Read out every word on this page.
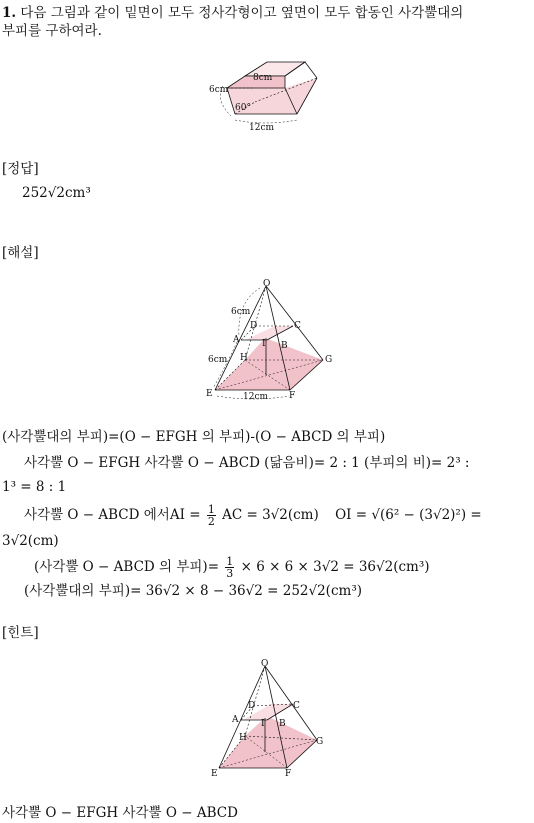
1. 다음 그림과 같이 밑면이 모두 정사각형이고 옆면이 모두 합동인 사각뿔대의
부피를 구하여라.
8cm
6cm
60°
12cm
[정답]
252√2cm³
[해설]
O
A
B
C
D
E	F
G
H
I
6cm
6cm
12cm
(사각뿔대의 부피)=(O − EFGH 의 부피)-(O − ABCD 의 부피)
사각뿔 O − EFGH 사각뿔 O − ABCD (닮음비)= 2 : 1 (부피의 비)= 2³ :
1³ = 8 : 1
사각뿔 O − ABCD 에서AI = $\frac{1}{2}$ AC = 3√2(cm) OI = √(6² − (3√2)²) =
3√2(cm)
(사각뿔 O − ABCD 의 부피)= $\frac{1}{3} \times 6 \times 6 \times 3√2 = 36√2(cm^3)$
(사각뿔대의 부피)= 36√2 × 8 − 36√2 = 252√2(cm³)
[힌트]
O
A	B
C
D
E	F
G
H
I
사각뿔 O − EFGH 사각뿔 O − ABCD
